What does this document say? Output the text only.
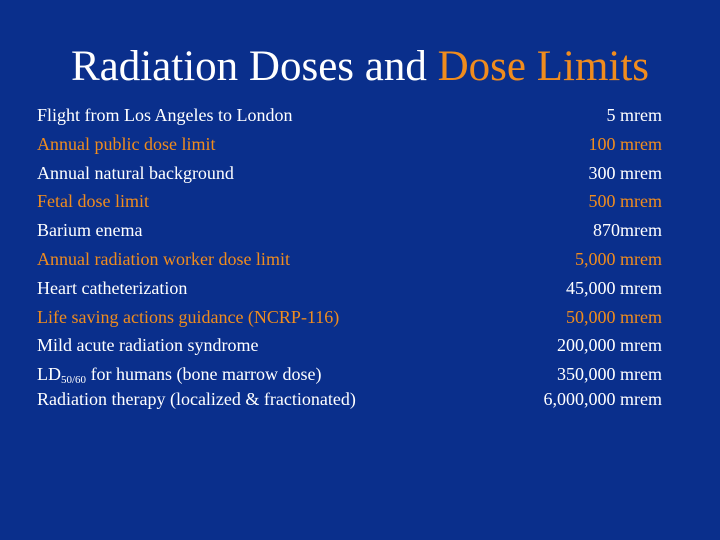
Radiation Doses and Dose Limits
Flight from Los Angeles to London	5 mrem
Annual public dose limit	100 mrem
Annual natural background	300 mrem
Fetal dose limit	500 mrem
Barium enema	870mrem
Annual radiation worker dose limit	5,000 mrem
Heart catheterization	45,000 mrem
Life saving actions guidance (NCRP-116)	50,000 mrem
Mild acute radiation syndrome	200,000 mrem
$LD_{50/60}$ for humans (bone marrow dose)	350,000 mrem
Radiation therapy (localized & fractionated)	6,000,000 mrem
